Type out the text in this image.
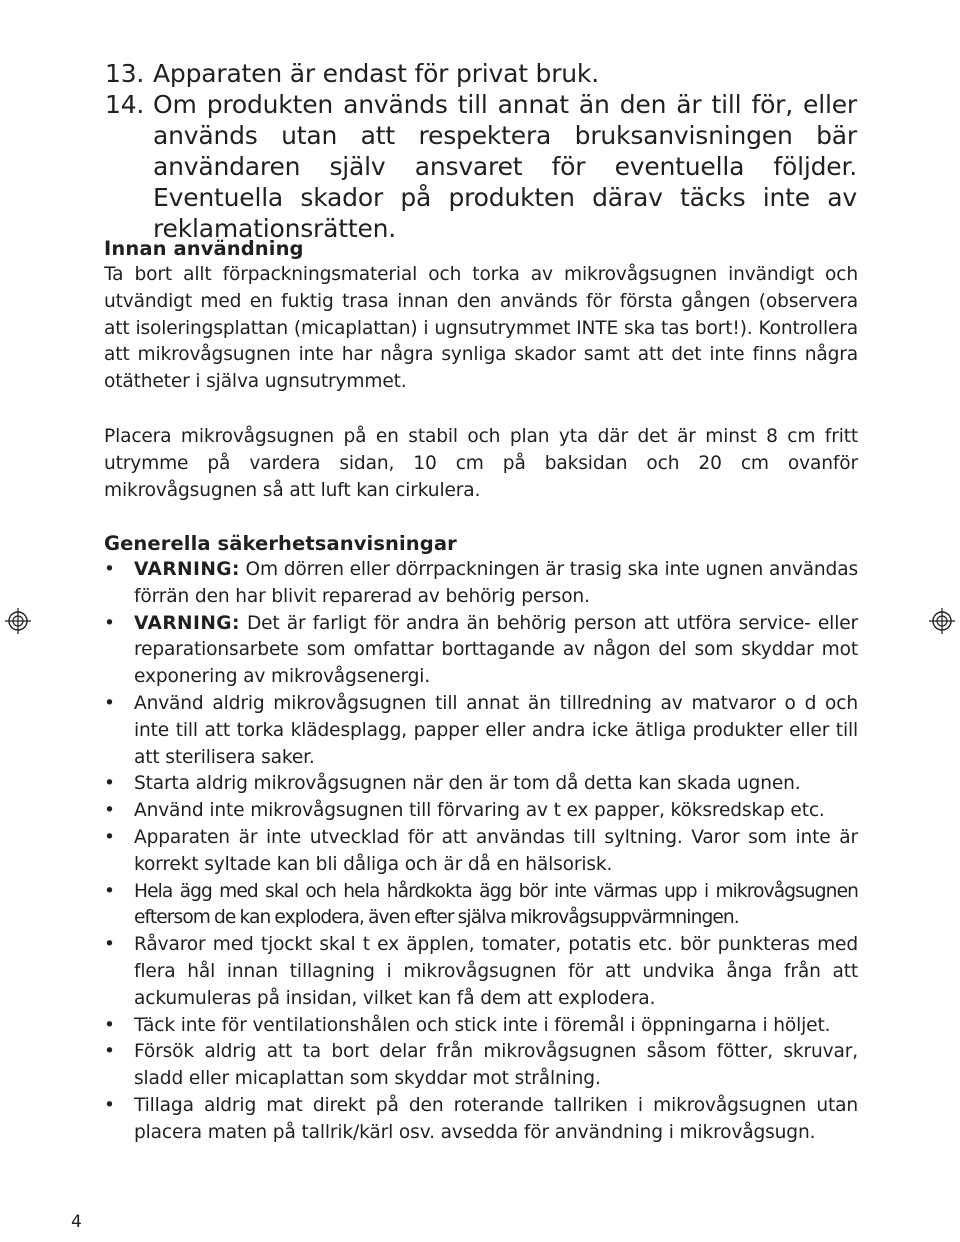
13. Apparaten är endast för privat bruk.
14. Om produkten används till annat än den är till för, eller används utan att respektera bruksanvisningen bär användaren själv ansvaret för eventuella följder. Eventuella skador på produkten därav täcks inte av reklamationsrätten.
Innan användning

Ta bort allt förpackningsmaterial och torka av mikrovågsugnen invändigt och utvändigt med en fuktig trasa innan den används för första gången (observera att isoleringsplattan (micaplattan) i ugnsutrymmet INTE ska tas bort!). Kontrollera att mikrovågsugnen inte har några synliga skador samt att det inte finns några otätheter i själva ugnsutrymmet.

Placera mikrovågsugnen på en stabil och plan yta där det är minst 8 cm fritt utrymme på vardera sidan, 10 cm på baksidan och 20 cm ovanför mikrovågsugnen så att luft kan cirkulera.

Generella säkerhetsanvisningar
• VARNING: Om dörren eller dörrpackningen är trasig ska inte ugnen användas förrän den har blivit reparerad av behörig person.
• VARNING: Det är farligt för andra än behörig person att utföra service- eller reparationsarbete som omfattar borttagande av någon del som skyddar mot exponering av mikrovågsenergi.
• Använd aldrig mikrovågsugnen till annat än tillredning av matvaror o d och inte till att torka klädesplagg, papper eller andra icke ätliga produkter eller till att sterilisera saker.
• Starta aldrig mikrovågsugnen när den är tom då detta kan skada ugnen.
• Använd inte mikrovågsugnen till förvaring av t ex papper, köksredskap etc.
• Apparaten är inte utvecklad för att användas till syltning. Varor som inte är korrekt syltade kan bli dåliga och är då en hälsorisk.
• Hela ägg med skal och hela hårdkokta ägg bör inte värmas upp i mikrovågsugnen eftersom de kan explodera, även efter själva mikrovågsuppvärmningen.
• Råvaror med tjockt skal t ex äpplen, tomater, potatis etc. bör punkteras med flera hål innan tillagning i mikrovågsugnen för att undvika ånga från att ackumuleras på insidan, vilket kan få dem att explodera.
• Täck inte för ventilationshålen och stick inte i föremål i öppningarna i höljet.
• Försök aldrig att ta bort delar från mikrovågsugnen såsom fötter, skruvar, sladd eller micaplattan som skyddar mot strålning.
• Tillaga aldrig mat direkt på den roterande tallriken i mikrovågsugnen utan placera maten på tallrik/kärl osv. avsedda för användning i mikrovågsugn.
4
